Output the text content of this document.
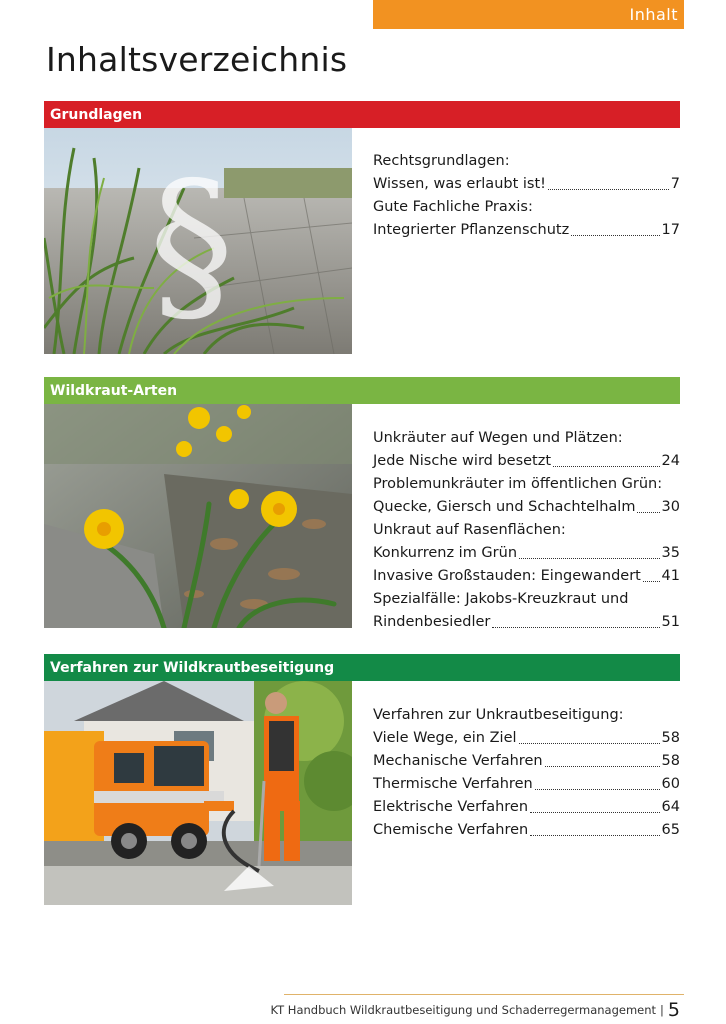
Inhalt
Inhaltsverzeichnis
Grundlagen
§	Rechtsgrundlagen:
Wissen, was erlaubt ist!	7
Gute Fachliche Praxis:
Integrierter Pflanzenschutz	17
Wildkraut-Arten
Unkräuter auf Wegen und Plätzen:
Jede Nische wird besetzt	24
Problemunkräuter im öffentlichen Grün:
Quecke, Giersch und Schachtelhalm 30
Unkraut auf Rasenflächen:
Konkurrenz im Grün	35
Invasive Großstauden: Eingewandert 41
Spezialfälle: Jakobs-Kreuzkraut und
Rindenbesiedler	51
Verfahren zur Wildkrautbeseitigung
Verfahren zur Unkrautbeseitigung:
Viele Wege, ein Ziel	58
Mechanische Verfahren	58
Thermische Verfahren	60
Elektrische Verfahren	64
Chemische Verfahren	65
KT Handbuch Wildkrautbeseitigung und Schaderregermanagement | 5
